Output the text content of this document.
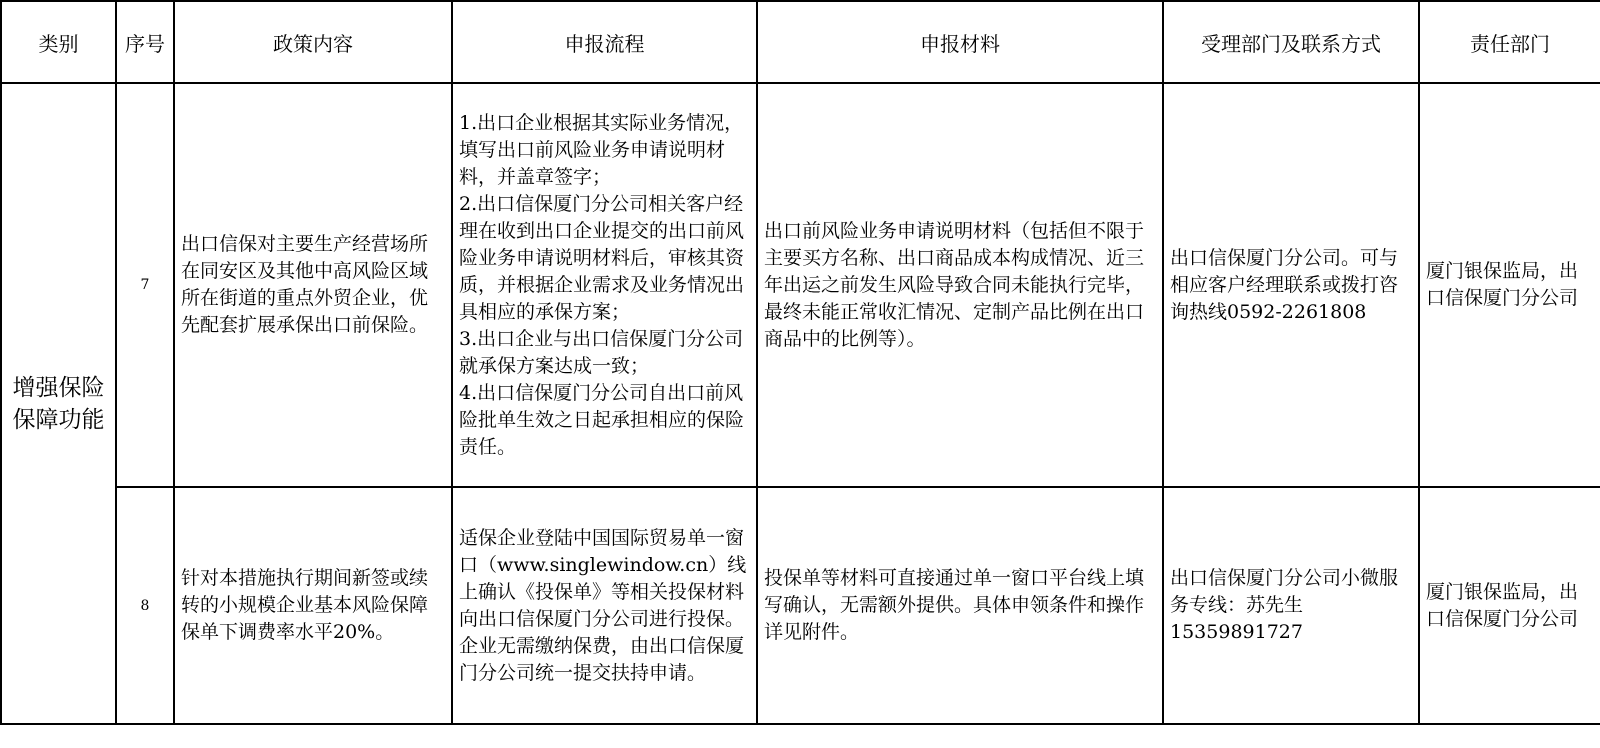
类别	序号	政策内容	申报流程	申报材料	受理部门及联系方式	责任部门
增强保险保障功能	7	出口信保对主要生产经营场所在同安区及其他中高风险区域所在街道的重点外贸企业，优先配套扩展承保出口前保险。	1.出口企业根据其实际业务情况，填写出口前风险业务申请说明材料，并盖章签字；
2.出口信保厦门分公司相关客户经理在收到出口企业提交的出口前风险业务申请说明材料后，审核其资质，并根据企业需求及业务情况出具相应的承保方案；
3.出口企业与出口信保厦门分公司就承保方案达成一致；
4.出口信保厦门分公司自出口前风险批单生效之日起承担相应的保险责任。	出口前风险业务申请说明材料（包括但不限于主要买方名称、出口商品成本构成情况、近三年出运之前发生风险导致合同未能执行完毕，最终未能正常收汇情况、定制产品比例在出口商品中的比例等）。	出口信保厦门分公司。可与相应客户经理联系或拨打咨询热线0592-2261808	厦门银保监局，出口信保厦门分公司
	8	针对本措施执行期间新签或续转的小规模企业基本风险保障保单下调费率水平20%。	适保企业登陆中国国际贸易单一窗口（www.singlewindow.cn）线上确认《投保单》等相关投保材料向出口信保厦门分公司进行投保。企业无需缴纳保费，由出口信保厦门分公司统一提交扶持申请。	投保单等材料可直接通过单一窗口平台线上填写确认，无需额外提供。具体申领条件和操作详见附件。	出口信保厦门分公司小微服务专线：苏先生15359891727	厦门银保监局，出口信保厦门分公司
